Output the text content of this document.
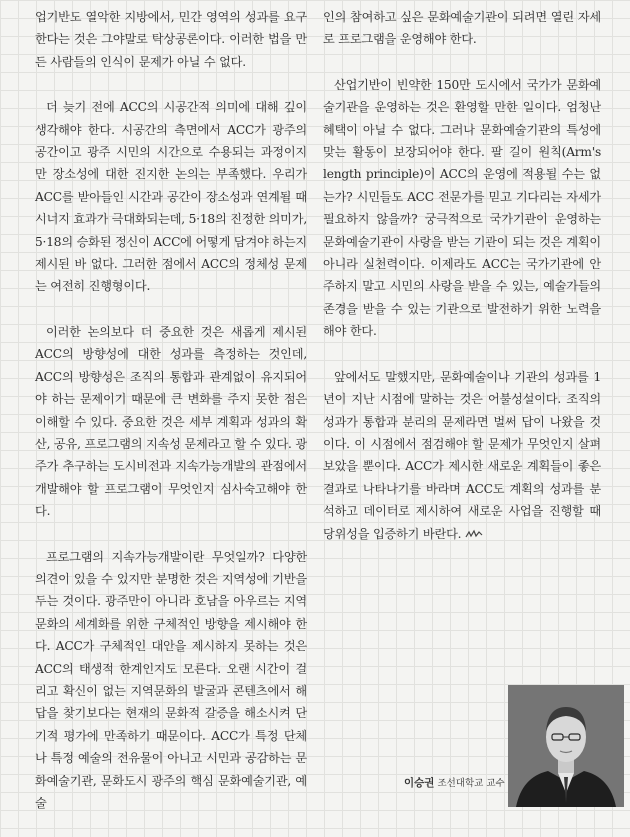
업기반도 열악한 지방에서, 민간 영역의 성과를 요구한다는 것은 그야말로 탁상공론이다. 이러한 법을 만든 사람들의 인식이 문제가 아닐 수 없다.

더 늦기 전에 ACC의 시공간적 의미에 대해 깊이 생각해야 한다. 시공간의 측면에서 ACC가 광주의 공간이고 광주 시민의 시간으로 수용되는 과정이지만 장소성에 대한 진지한 논의는 부족했다. 우리가 ACC를 받아들인 시간과 공간이 장소성과 연계될 때 시너지 효과가 극대화되는데, 5·18의 진정한 의미가, 5·18의 승화된 정신이 ACC에 어떻게 담겨야 하는지 제시된 바 없다. 그러한 점에서 ACC의 정체성 문제는 여전히 진행형이다.

이러한 논의보다 더 중요한 것은 새롭게 제시된 ACC의 방향성에 대한 성과를 측정하는 것인데, ACC의 방향성은 조직의 통합과 관계없이 유지되어야 하는 문제이기 때문에 큰 변화를 주지 못한 점은 이해할 수 있다. 중요한 것은 세부 계획과 성과의 확산, 공유, 프로그램의 지속성 문제라고 할 수 있다. 광주가 추구하는 도시비전과 지속가능개발의 관점에서 개발해야 할 프로그램이 무엇인지 심사숙고해야 한다.

프로그램의 지속가능개발이란 무엇일까? 다양한 의견이 있을 수 있지만 분명한 것은 지역성에 기반을 두는 것이다. 광주만이 아니라 호남을 아우르는 지역문화의 세계화를 위한 구체적인 방향을 제시해야 한다. ACC가 구체적인 대안을 제시하지 못하는 것은 ACC의 태생적 한계인지도 모른다. 오랜 시간이 걸리고 확신이 없는 지역문화의 발굴과 콘텐츠에서 해답을 찾기보다는 현재의 문화적 갈증을 해소시켜 단기적 평가에 만족하기 때문이다. ACC가 특정 단체나 특정 예술의 전유물이 아니고 시민과 공감하는 문화예술기관, 문화도시 광주의 핵심 문화예술기관, 예술

인의 참여하고 싶은 문화예술기관이 되려면 열린 자세로 프로그램을 운영해야 한다.

산업기반이 빈약한 150만 도시에서 국가가 문화예술기관을 운영하는 것은 환영할 만한 일이다. 엄청난 혜택이 아닐 수 없다. 그러나 문화예술기관의 특성에 맞는 활동이 보장되어야 한다. 팔 길이 원칙(Arm's length principle)이 ACC의 운영에 적용될 수는 없는가? 시민들도 ACC 전문가를 믿고 기다리는 자세가 필요하지 않을까? 궁극적으로 국가기관이 운영하는 문화예술기관이 사랑을 받는 기관이 되는 것은 계획이 아니라 실천력이다. 이제라도 ACC는 국가기관에 안주하지 말고 시민의 사랑을 받을 수 있는, 예술가들의 존경을 받을 수 있는 기관으로 발전하기 위한 노력을 해야 한다.

앞에서도 말했지만, 문화예술이나 기관의 성과를 1년이 지난 시점에 말하는 것은 어불성설이다. 조직의 성과가 통합과 분리의 문제라면 벌써 답이 나왔을 것이다. 이 시점에서 점검해야 할 문제가 무엇인지 살펴보았을 뿐이다. ACC가 제시한 새로운 계획들이 좋은 결과로 나타나기를 바라며 ACC도 계획의 성과를 분석하고 데이터로 제시하여 새로운 사업을 진행할 때 당위성을 입증하기 바란다.

이승권 조선대학교 교수
